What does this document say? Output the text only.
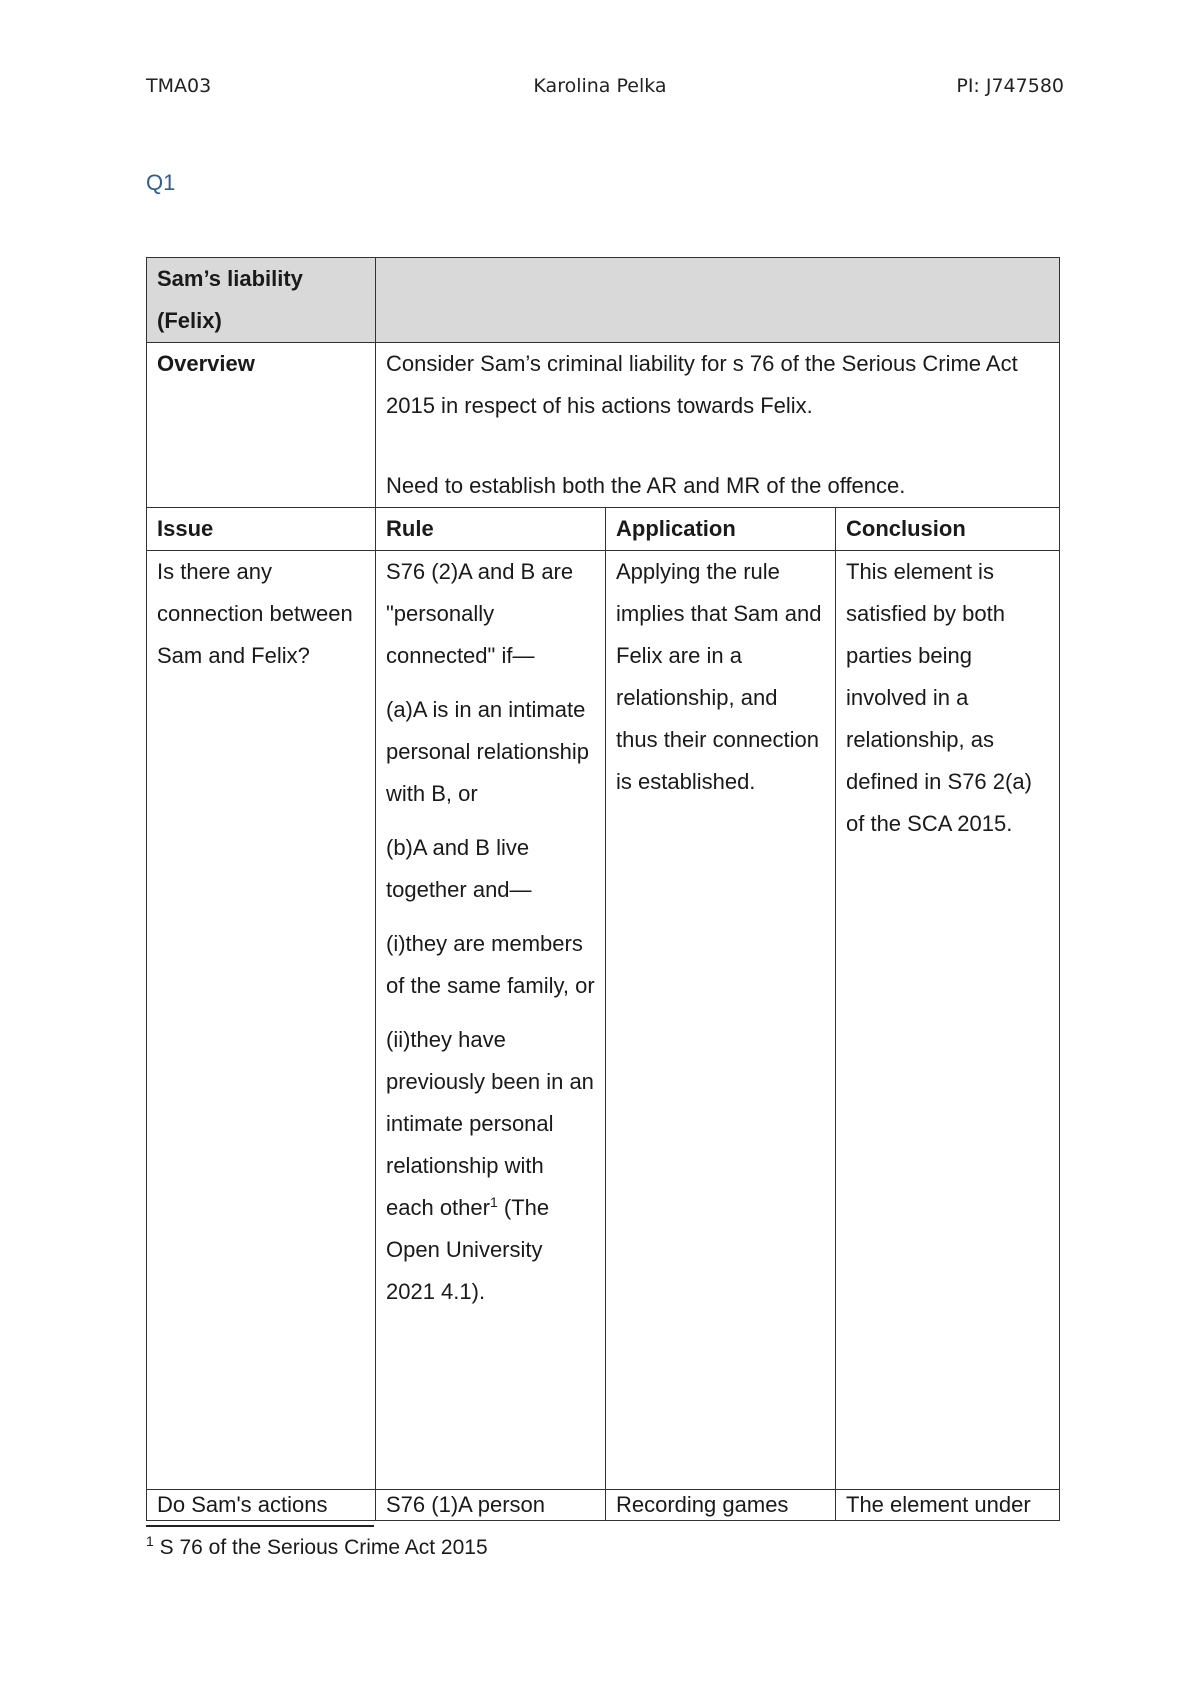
TMA03	Karolina Pelka	PI: J747580
Q1
Sam’s liability (Felix)			
Overview	Consider Sam’s criminal liability for s 76 of the Serious Crime Act 2015 in respect of his actions towards Felix.
Need to establish both the AR and MR of the offence.		

Issue	Rule	Application	Conclusion
Is there any connection between Sam and Felix?	S76 (2)A and B are "personally connected" if—
(a)A is in an intimate personal relationship with B, or
(b)A and B live together and—
(i)they are members of the same family, or
(ii)they have previously been in an intimate personal relationship with each other$^1$ (The Open University 2021 4.1).	Applying the rule implies that Sam and Felix are in a relationship, and thus their connection is established.	This element is satisfied by both parties being involved in a relationship, as defined in S76 2(a) of the SCA 2015.
Do Sam's actions	S76 (1)A person	Recording games	The element under
$^1$ S 76 of the Serious Crime Act 2015
